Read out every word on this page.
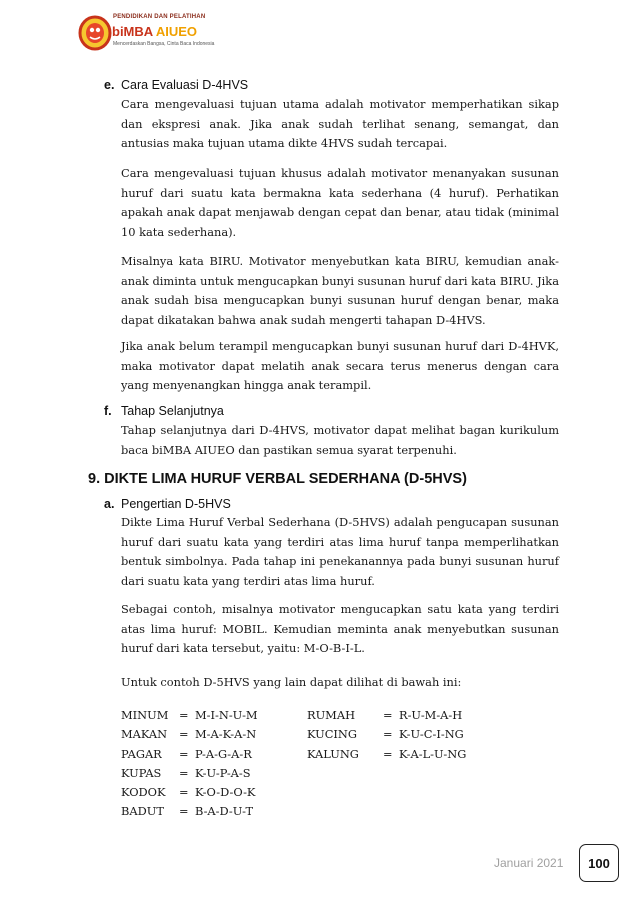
PENDIDIKAN DAN PELATIHAN
biMBA AIUEO
Mencerdaskan Bangsa, Cinta Baca Indonesia
e. Cara Evaluasi D-4HVS
Cara mengevaluasi tujuan utama adalah motivator memperhatikan sikap dan ekspresi anak. Jika anak sudah terlihat senang, semangat, dan antusias maka tujuan utama dikte 4HVS sudah tercapai.
Cara mengevaluasi tujuan khusus adalah motivator menanyakan susunan huruf dari suatu kata bermakna kata sederhana (4 huruf). Perhatikan apakah anak dapat menjawab dengan cepat dan benar, atau tidak (minimal 10 kata sederhana).
Misalnya kata BIRU. Motivator menyebutkan kata BIRU, kemudian anak-anak diminta untuk mengucapkan bunyi susunan huruf dari kata BIRU. Jika anak sudah bisa mengucapkan bunyi susunan huruf dengan benar, maka dapat dikatakan bahwa anak sudah mengerti tahapan D-4HVS.
Jika anak belum terampil mengucapkan bunyi susunan huruf dari D-4HVK, maka motivator dapat melatih anak secara terus menerus dengan cara yang menyenangkan hingga anak terampil.
f. Tahap Selanjutnya
Tahap selanjutnya dari D-4HVS, motivator dapat melihat bagan kurikulum baca biMBA AIUEO dan pastikan semua syarat terpenuhi.
9. DIKTE LIMA HURUF VERBAL SEDERHANA (D-5HVS)
a. Pengertian D-5HVS
Dikte Lima Huruf Verbal Sederhana (D-5HVS) adalah pengucapan susunan huruf dari suatu kata yang terdiri atas lima huruf tanpa memperlihatkan bentuk simbolnya. Pada tahap ini penekanannya pada bunyi susunan huruf dari suatu kata yang terdiri atas lima huruf.
Sebagai contoh, misalnya motivator mengucapkan satu kata yang terdiri atas lima huruf: MOBIL. Kemudian meminta anak menyebutkan susunan huruf dari kata tersebut, yaitu: M-O-B-I-L.
Untuk contoh D-5HVS yang lain dapat dilihat di bawah ini:
MINUM = M-I-N-U-M	RUMAH = R-U-M-A-H
MAKAN = M-A-K-A-N	KUCING = K-U-C-I-NG
PAGAR = P-A-G-A-R	KALUNG = K-A-L-U-NG
KUPAS = K-U-P-A-S
KODOK = K-O-D-O-K
BADUT = B-A-D-U-T
Januari 2021	100
